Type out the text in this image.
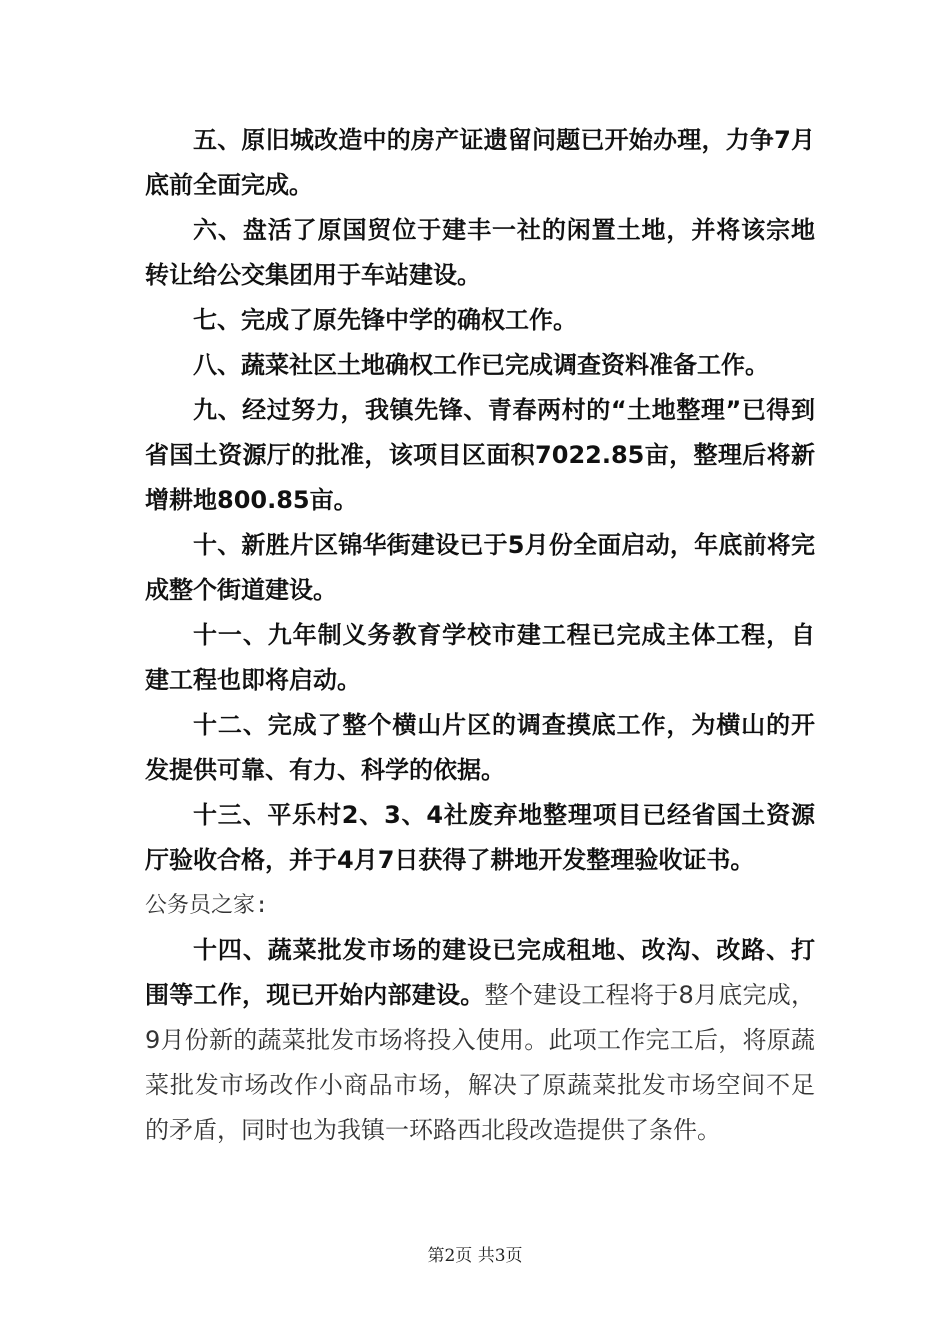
五、原旧城改造中的房产证遗留问题已开始办理，力争7月底前全面完成。

六、盘活了原国贸位于建丰一社的闲置土地，并将该宗地转让给公交集团用于车站建设。

七、完成了原先锋中学的确权工作。

八、蔬菜社区土地确权工作已完成调查资料准备工作。

九、经过努力，我镇先锋、青春两村的“土地整理”已得到省国土资源厅的批准，该项目区面积7022.85亩，整理后将新增耕地800.85亩。

十、新胜片区锦华街建设已于5月份全面启动，年底前将完成整个街道建设。

十一、九年制义务教育学校市建工程已完成主体工程，自建工程也即将启动。

十二、完成了整个横山片区的调查摸底工作，为横山的开发提供可靠、有力、科学的依据。

十三、平乐村2、3、4社废弃地整理项目已经省国土资源厅验收合格，并于4月7日获得了耕地开发整理验收证书。

公务员之家:

十四、蔬菜批发市场的建设已完成租地、改沟、改路、打围等工作，现已开始内部建设。整个建设工程将于8月底完成，9月份新的蔬菜批发市场将投入使用。此项工作完工后，将原蔬菜批发市场改作小商品市场，解决了原蔬菜批发市场空间不足的矛盾，同时也为我镇一环路西北段改造提供了条件。

第2页 共3页
